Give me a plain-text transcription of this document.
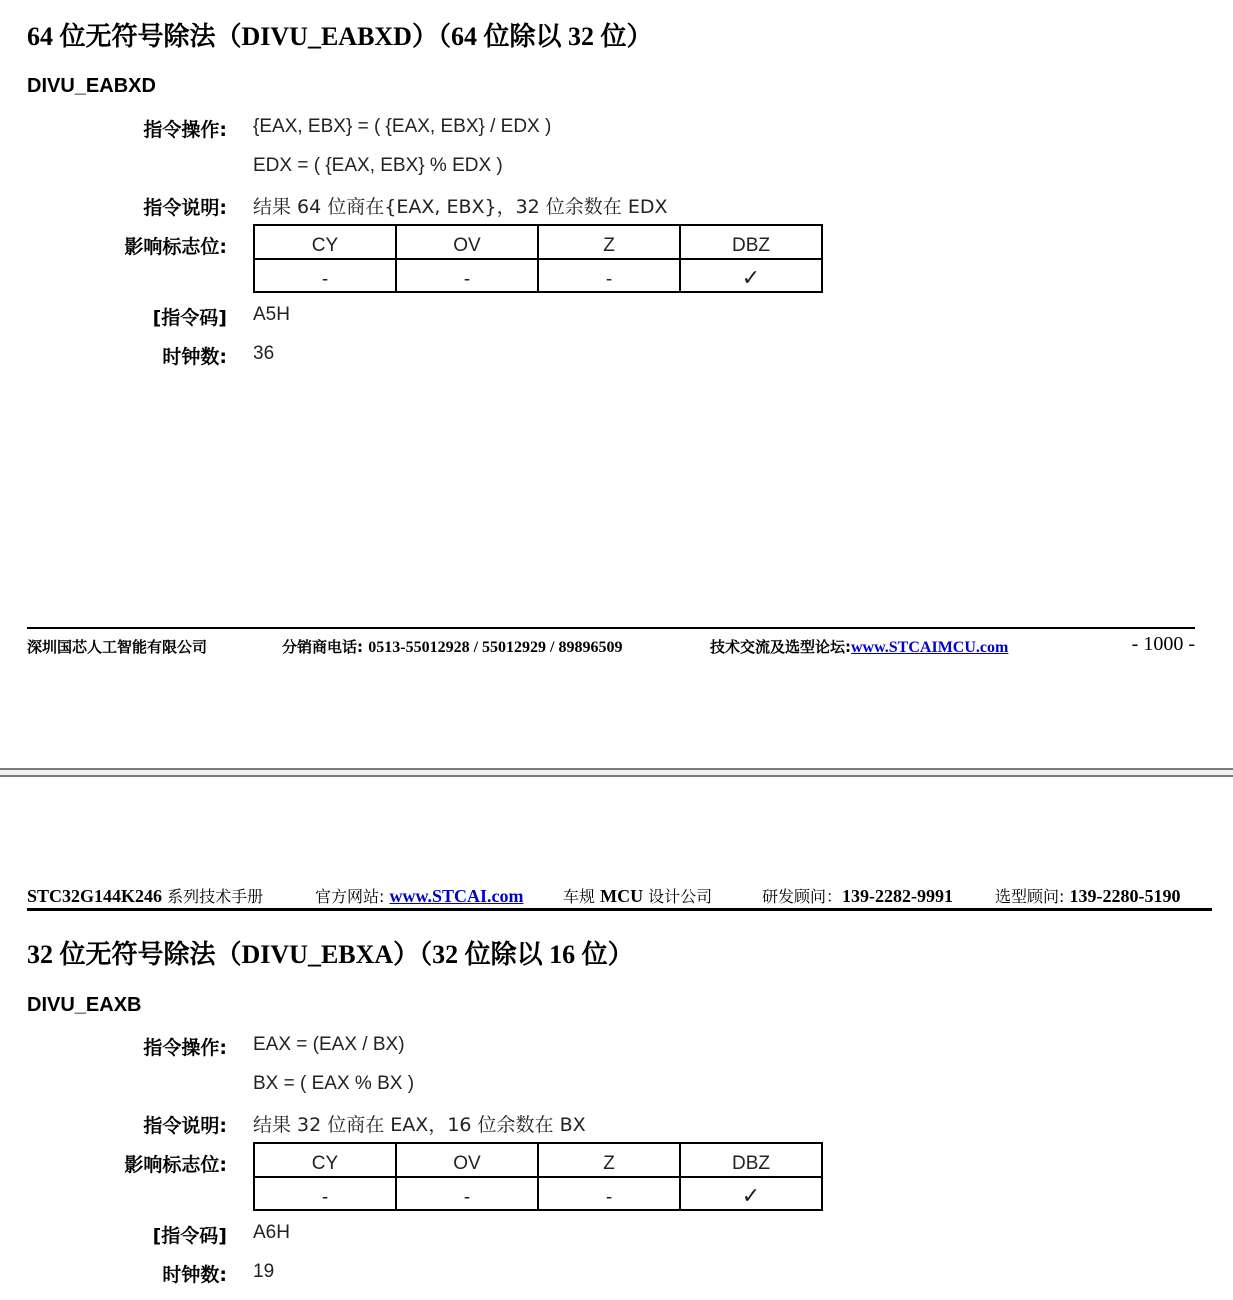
64 位无符号除法（DIVU_EABXD）（64 位除以 32 位）
DIVU_EABXD
指令操作: {EAX, EBX} = ( {EAX, EBX} / EDX )
EDX = ( {EAX, EBX} % EDX )
指令说明: 结果 64 位商在{EAX, EBX}，32 位余数在 EDX
影响标志位:	CY	OV	Z	DBZ
-	-	-	✓
[指令码] A5H
时钟数: 36
深圳国芯人工智能有限公司	分销商电话: 0513-55012928 / 55012929 / 89896509	技术交流及选型论坛:www.STCAIMCU.com	- 1000 -
STC32G144K246 系列技术手册	官方网站: www.STCAI.com 车规 MCU 设计公司	研发顾问：139-2282-9991	选型顾问: 139-2280-5190
32 位无符号除法（DIVU_EBXA）（32 位除以 16 位）
DIVU_EAXB
指令操作: EAX = (EAX / BX)
BX = ( EAX % BX )
指令说明: 结果 32 位商在 EAX，16 位余数在 BX
影响标志位:	CY	OV	Z	DBZ
-	-	-	✓
[指令码] A6H
时钟数: 19
